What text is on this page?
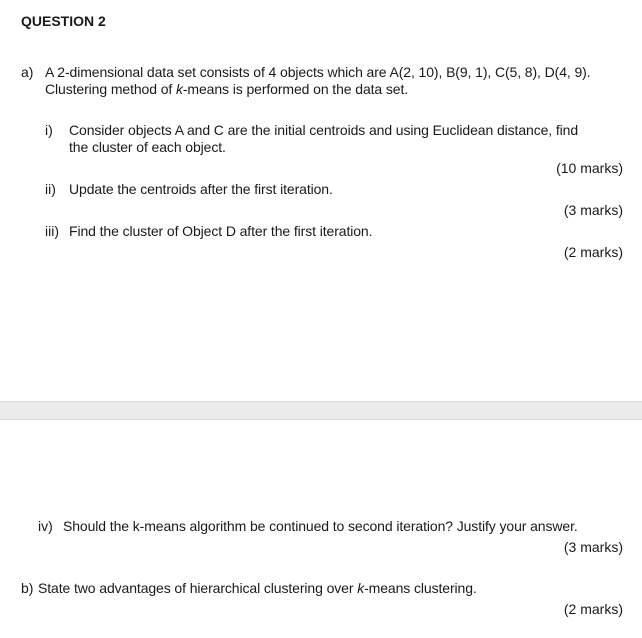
QUESTION 2
a) A 2-dimensional data set consists of 4 objects which are A(2, 10), B(9, 1), C(5, 8), D(4, 9).
Clustering method of k-means is performed on the data set.
i) Consider objects A and C are the initial centroids and using Euclidean distance, find
the cluster of each object.
(10 marks)
ii) Update the centroids after the first iteration.
(3 marks)
iii) Find the cluster of Object D after the first iteration.
(2 marks)
iv) Should the k-means algorithm be continued to second iteration? Justify your answer.
(3 marks)
b) State two advantages of hierarchical clustering over k-means clustering.
(2 marks)
